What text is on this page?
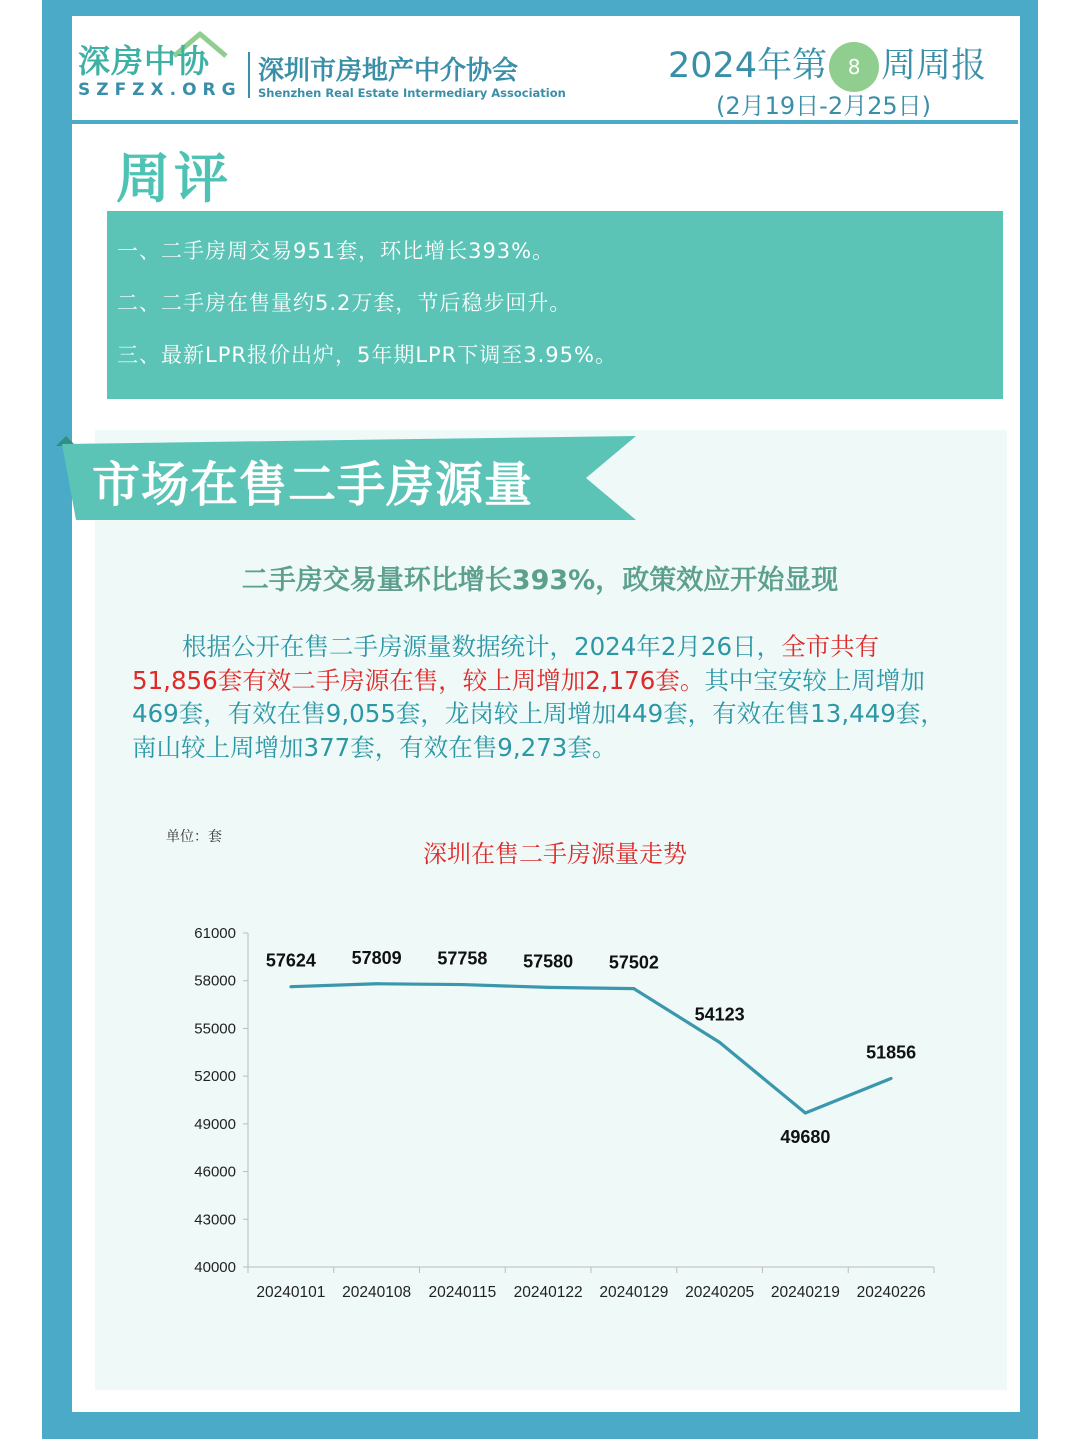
深房中协
SZFZX.ORG
深圳市房地产中介协会
Shenzhen Real Estate Intermediary Association
2024年第 8 周周报
(2月19日-2月25日)
周评

一、二手房周交易951套，环比增长393%。

二、二手房在售量约5.2万套，节后稳步回升。

三、最新LPR报价出炉，5年期LPR下调至3.95%。

市场在售二手房源量
二手房交易量环比增长393%，政策效应开始显现
根据公开在售二手房源量数据统计，2024年2月26日，全市共有51,856套有效二手房源在售，较上周增加2,176套。其中宝安较上周增加469套，有效在售9,055套，龙岗较上周增加449套，有效在售13,449套，南山较上周增加377套，有效在售9,273套。
单位：套
深圳在售二手房源量走势
40000
43000
46000
49000
52000
55000
58000
61000
20240101 20240108 20240115 20240122 20240129 20240205 20240219 20240226
57624 57809 57758 57580 57502
54123
49680
51856
